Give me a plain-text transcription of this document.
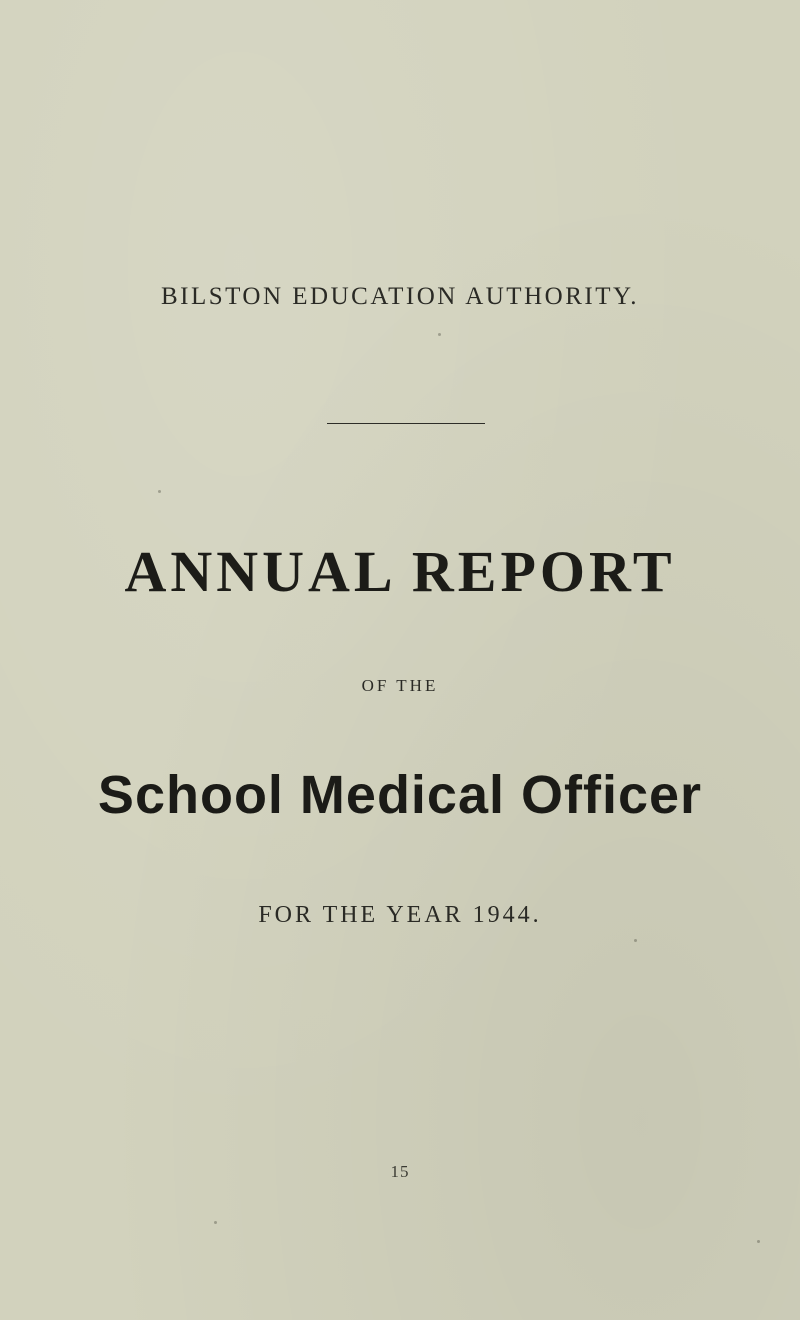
BILSTON EDUCATION AUTHORITY.

ANNUAL REPORT

OF THE

School Medical Officer

FOR THE YEAR 1944.

15
